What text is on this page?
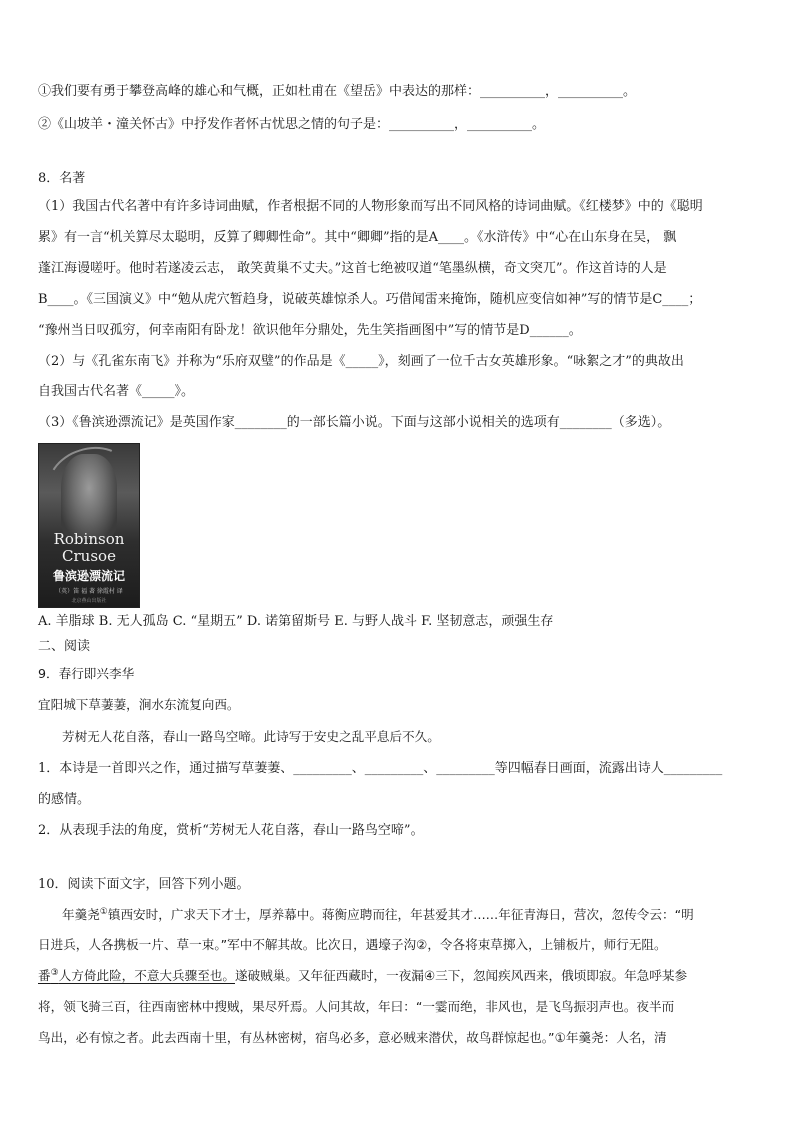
①我们要有勇于攀登高峰的雄心和气概，正如杜甫在《望岳》中表达的那样：__________，__________。
②《山坡羊・潼关怀古》中抒发作者怀古忧思之情的句子是：__________，__________。
8．名著
（1）我国古代名著中有许多诗词曲赋，作者根据不同的人物形象而写出不同风格的诗词曲赋。《红楼梦》中的《聪明
累》有一言“机关算尽太聪明，反算了卿卿性命”。其中“卿卿”指的是A____。《水浒传》中“心在山东身在吴， 飘
蓬江海谩嗟吁。他时若遂凌云志， 敢笑黄巢不丈夫。”这首七绝被叹道“笔墨纵横，奇文突兀”。作这首诗的人是
B____。《三国演义》中“勉从虎穴暂趋身，说破英雄惊杀人。巧借闻雷来掩饰，随机应变信如神”写的情节是C____；
“豫州当日叹孤穷，何幸南阳有卧龙！欲识他年分鼎处，先生笑指画图中”写的情节是D______。
（2）与《孔雀东南飞》并称为“乐府双璧”的作品是《_____》，刻画了一位千古女英雄形象。“咏絮之才”的典故出
自我国古代名著《_____》。
（3）《鲁滨逊漂流记》是英国作家________的一部长篇小说。下面与这部小说相关的选项有________（多选）。
Robinson
Crusoe
鲁滨逊漂流记
（英）笛 福 著 徐霞村 译
北京燕山出版社
A. 羊脂球 B. 无人孤岛 C. “星期五” D. 诺第留斯号 E. 与野人战斗 F. 坚韧意志，顽强生存
二、阅读
9．春行即兴李华
宜阳城下草萋萋，涧水东流复向西。
芳树无人花自落，春山一路鸟空啼。此诗写于安史之乱平息后不久。
1．本诗是一首即兴之作，通过描写草萋萋、_________、_________、_________等四幅春日画面，流露出诗人_________
的感情。
2．从表现手法的角度，赏析“芳树无人花自落，春山一路鸟空啼”。
10．阅读下面文字，回答下列小题。
年羹尧①镇西安时，广求天下才士，厚养幕中。蒋衡应聘而往，年甚爱其才……年征青海日，营次，忽传令云：“明
日进兵，人各携板一片、草一束。”军中不解其故。比次日，遇壕子沟②，令各将束草掷入，上铺板片，师行无阻。
番③人方倚此险，不意大兵骤至也。遂破贼巢。又年征西藏时，一夜漏④三下，忽闻疾风西来，俄顷即寂。年急呼某参
将，领飞骑三百，往西南密林中搜贼，果尽歼焉。人问其故，年曰：“一霎而绝，非风也，是飞鸟振羽声也。夜半而
鸟出，必有惊之者。此去西南十里，有丛林密树，宿鸟必多，意必贼来潜伏，故鸟群惊起也。”①年羹尧：人名，清
